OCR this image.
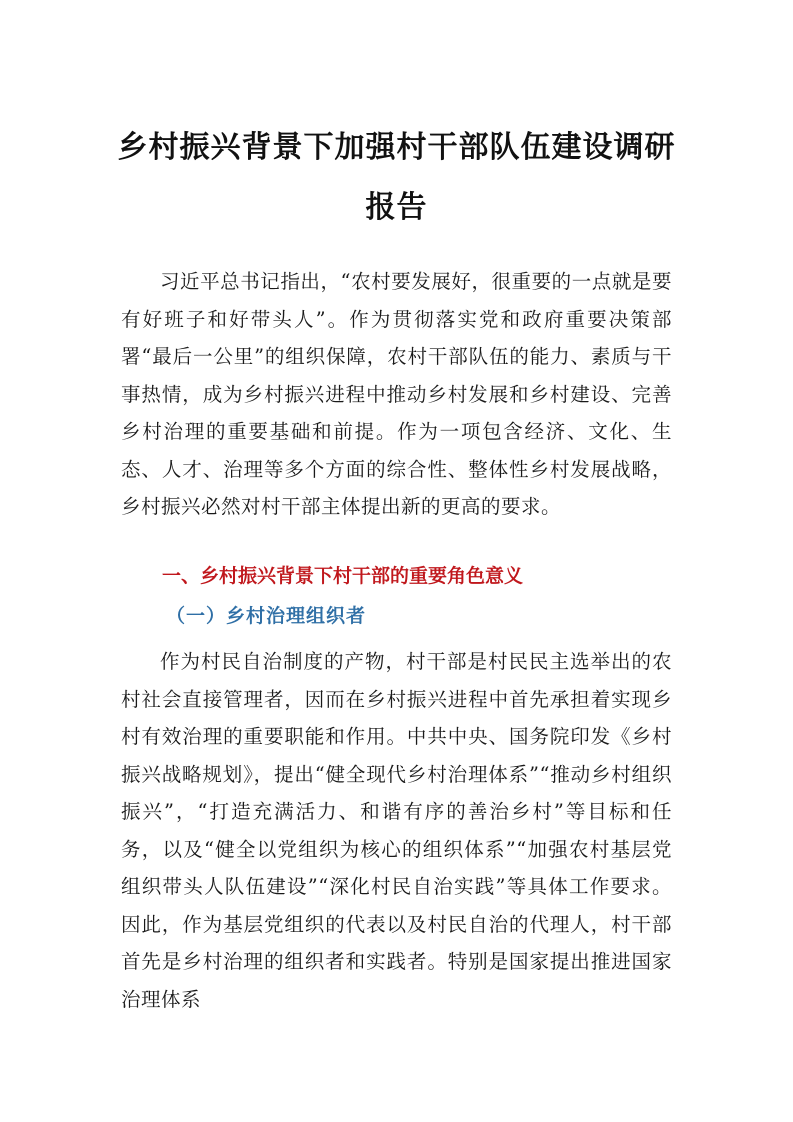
乡村振兴背景下加强村干部队伍建设调研报告

习近平总书记指出，“农村要发展好，很重要的一点就是要有好班子和好带头人”。作为贯彻落实党和政府重要决策部署“最后一公里”的组织保障，农村干部队伍的能力、素质与干事热情，成为乡村振兴进程中推动乡村发展和乡村建设、完善乡村治理的重要基础和前提。作为一项包含经济、文化、生态、人才、治理等多个方面的综合性、整体性乡村发展战略，乡村振兴必然对村干部主体提出新的更高的要求。

一、乡村振兴背景下村干部的重要角色意义
（一）乡村治理组织者

作为村民自治制度的产物，村干部是村民民主选举出的农村社会直接管理者，因而在乡村振兴进程中首先承担着实现乡村有效治理的重要职能和作用。中共中央、国务院印发《乡村振兴战略规划》，提出“健全现代乡村治理体系”“推动乡村组织振兴”，“打造充满活力、和谐有序的善治乡村”等目标和任务，以及“健全以党组织为核心的组织体系”“加强农村基层党组织带头人队伍建设”“深化村民自治实践”等具体工作要求。因此，作为基层党组织的代表以及村民自治的代理人，村干部首先是乡村治理的组织者和实践者。特别是国家提出推进国家治理体系
